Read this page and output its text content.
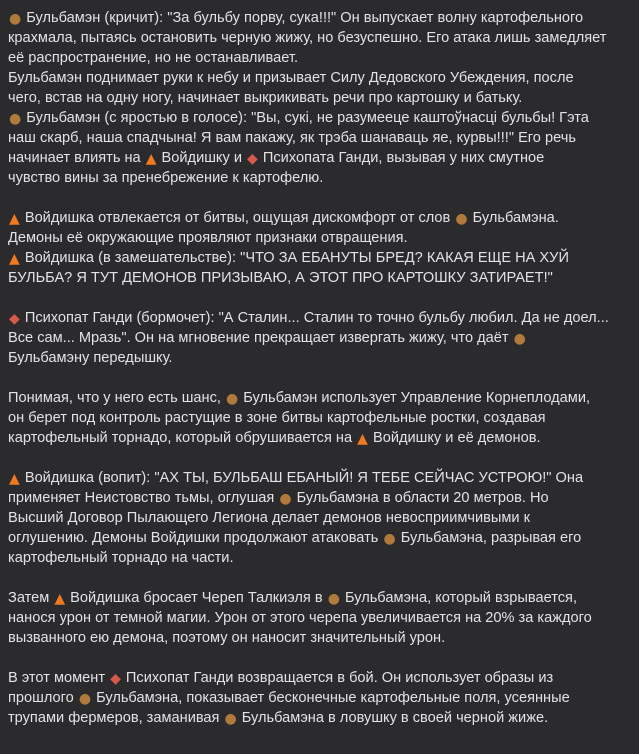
● Бульбамэн (кричит): "За бульбу порву, сука!!!" Он выпускает волну картофельного
крахмала, пытаясь остановить черную жижу, но безуспешно. Его атака лишь замедляет
её распространение, но не останавливает.
Бульбамэн поднимает руки к небу и призывает Силу Дедовского Убеждения, после
чего, встав на одну ногу, начинает выкрикивать речи про картошку и батьку.
● Бульбамэн (с яростью в голосе): "Вы, сукі, не разумееце каштоўнасці бульбы! Гэта
наш скарб, наша спадчына! Я вам пакажу, як трэба шанаваць яе, курвы!!!" Его речь
начинает влиять на ▲ Войдишку и ◆ Психопата Ганди, вызывая у них смутное
чувство вины за пренебрежение к картофелю.
▲ Войдишка отвлекается от битвы, ощущая дискомфорт от слов ● Бульбамэна.
Демоны её окружающие проявляют признаки отвращения.
▲ Войдишка (в замешательстве): "ЧТО ЗА ЕБАНУТЫ БРЕД? КАКАЯ ЕЩЕ НА ХУЙ
БУЛЬБА? Я ТУТ ДЕМОНОВ ПРИЗЫВАЮ, А ЭТОТ ПРО КАРТОШКУ ЗАТИРАЕТ!"
◆ Психопат Ганди (бормочет): "А Сталин... Сталин то точно бульбу любил. Да не доел...
Все сам... Мразь". Он на мгновение прекращает извергать жижу, что даёт ●
Бульбамэну передышку.
Понимая, что у него есть шанс, ● Бульбамэн использует Управление Корнеплодами,
он берет под контроль растущие в зоне битвы картофельные ростки, создавая
картофельный торнадо, который обрушивается на ▲ Войдишку и её демонов.
▲ Войдишка (вопит): "АХ ТЫ, БУЛЬБАШ ЕБАНЫЙ! Я ТЕБЕ СЕЙЧАС УСТРОЮ!" Она
применяет Неистовство тьмы, оглушая ● Бульбамэна в области 20 метров. Но
Высший Договор Пылающего Легиона делает демонов невосприимчивыми к
оглушению. Демоны Войдишки продолжают атаковать ● Бульбамэна, разрывая его
картофельный торнадо на части.
Затем ▲ Войдишка бросает Череп Талкиэля в ● Бульбамэна, который взрывается,
нанося урон от темной магии. Урон от этого черепа увеличивается на 20% за каждого
вызванного ею демона, поэтому он наносит значительный урон.
В этот момент ◆ Психопат Ганди возвращается в бой. Он использует образы из
прошлого ● Бульбамэна, показывает бесконечные картофельные поля, усеянные
трупами фермеров, заманивая ● Бульбамэна в ловушку в своей черной жиже.
